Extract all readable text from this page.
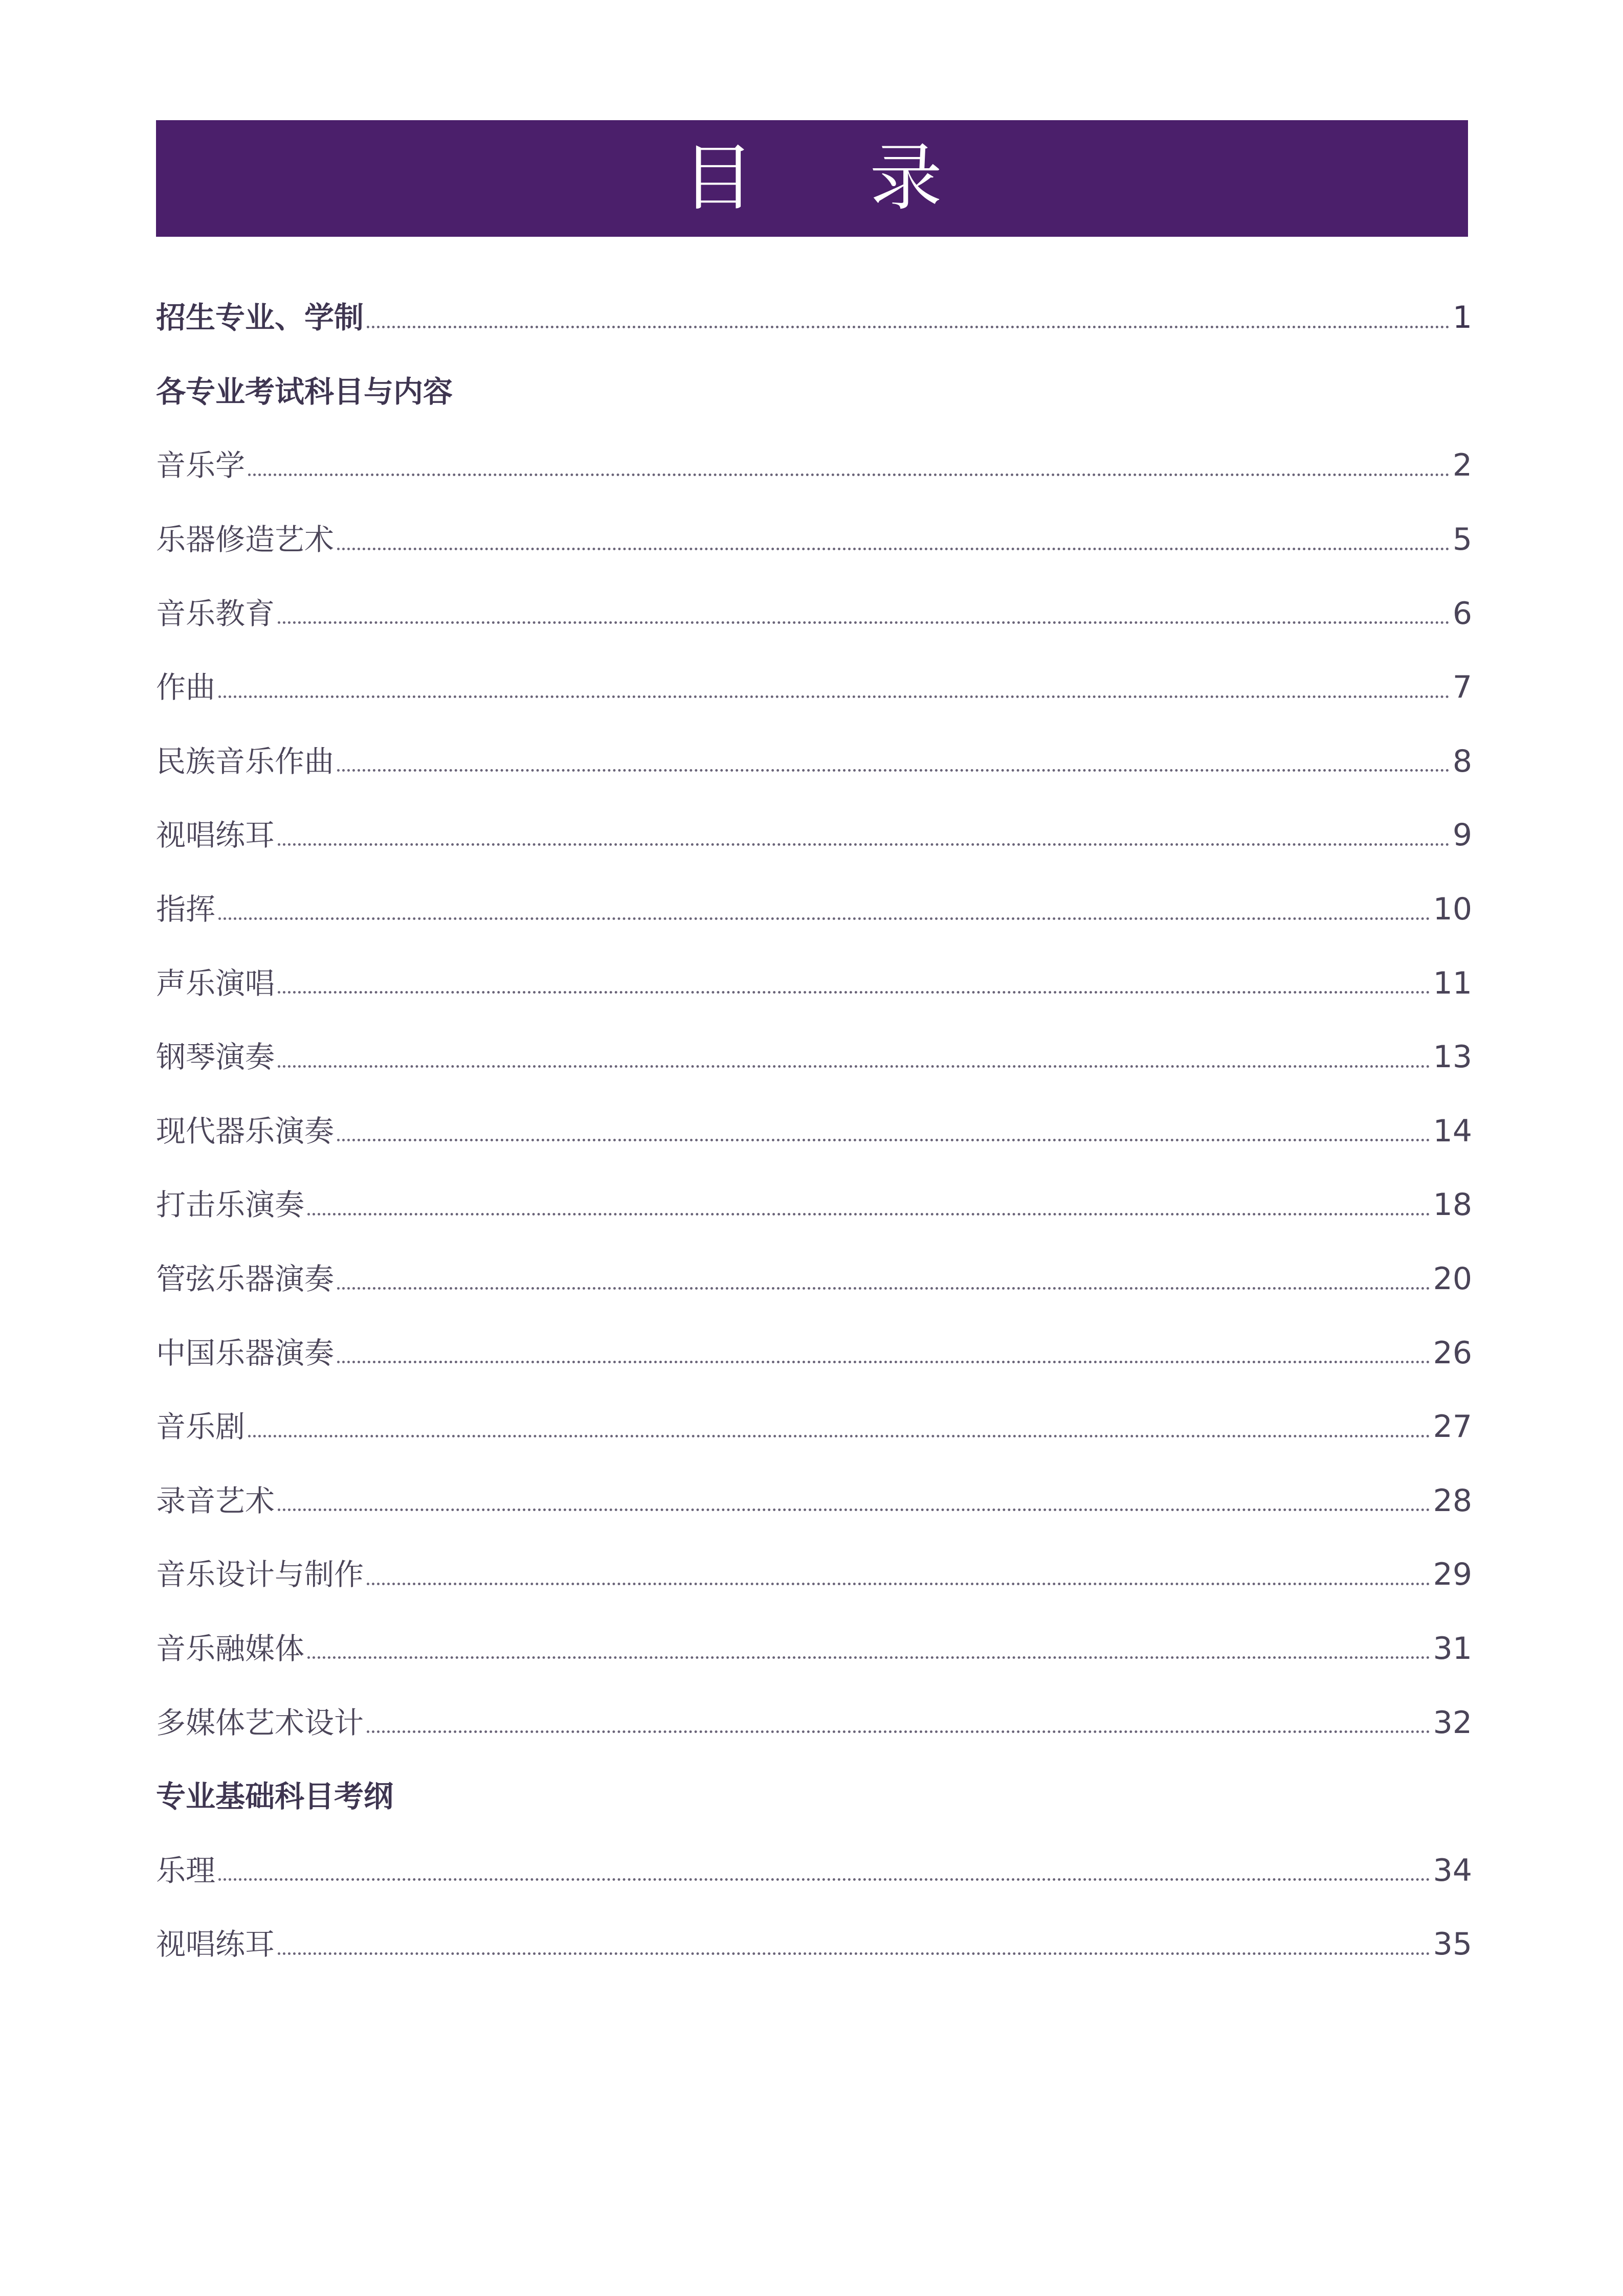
目 录
招生专业、学制	1
各专业考试科目与内容
音乐学	2
乐器修造艺术	5
音乐教育	6
作曲	7
民族音乐作曲	8
视唱练耳	9
指挥	10
声乐演唱	11
钢琴演奏	13
现代器乐演奏	14
打击乐演奏	18
管弦乐器演奏	20
中国乐器演奏	26
音乐剧	27
录音艺术	28
音乐设计与制作	29
音乐融媒体	31
多媒体艺术设计	32
专业基础科目考纲
乐理	34
视唱练耳	35
